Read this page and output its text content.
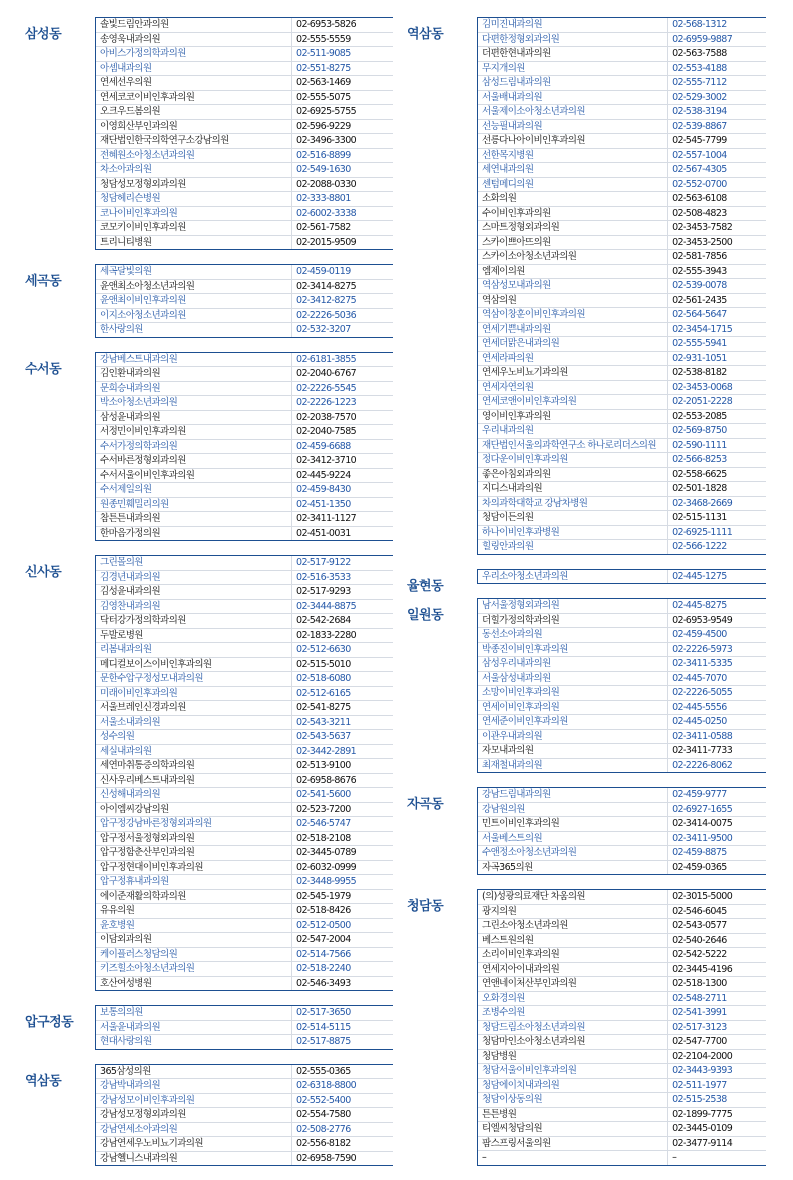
삼성동
솔빛드림안과의원	02-6953-5826
송영욱내과의원	02-555-5559
아비스가정의학과의원	02-511-9085
아셈내과의원	02-551-8275
연세선우의원	02-563-1469
연세코코이비인후과의원	02-555-5075
오크우드봄의원	02-6925-5755
이영희산부인과의원	02-596-9229
재단법인한국의학연구소강남의원	02-3496-3300
전혜원소아청소년과의원	02-516-8899
차소아과의원	02-549-1630
청담성모정형외과의원	02-2088-0330
청담헤리슨병원	02-333-8801
코나이비인후과의원	02-6002-3338
코모키이비인후과의원	02-561-7582
트리니티병원	02-2015-9509
세곡동
세곡달빛의원	02-459-0119
윤앤최소아청소년과의원	02-3414-8275
윤앤최이비인후과의원	02-3412-8275
이지소아청소년과의원	02-2226-5036
한사랑의원	02-532-3207
수서동
강남베스트내과의원	02-6181-3855
김인환내과의원	02-2040-6767
문희승내과의원	02-2226-5545
박소아청소년과의원	02-2226-1223
삼성윤내과의원	02-2038-7570
서정민이비인후과의원	02-2040-7585
수서가정의학과의원	02-459-6688
수서바른정형외과의원	02-3412-3710
수서서울이비인후과의원	02-445-9224
수서제일의원	02-459-8430
원종민훼밀리의원	02-451-1350
참튼튼내과의원	02-3411-1127
한마음가정의원	02-451-0031
신사동
그린몰의원	02-517-9122
김경년내과의원	02-516-3533
김성윤내과의원	02-517-9293
김영찬내과의원	02-3444-8875
닥터강가정의학과의원	02-542-2684
두발로병원	02-1833-2280
리봄내과의원	02-512-6630
메디컬보이스이비인후과의원	02-515-5010
문한수압구정성모내과의원	02-518-6080
미래이비인후과의원	02-512-6165
서울브레인신경과의원	02-541-8275
서울소내과의원	02-543-3211
성수의원	02-543-5637
세실내과의원	02-3442-2891
세연마취통증의학과의원	02-513-9100
신사우리베스트내과의원	02-6958-8676
신성해내과의원	02-541-5600
아이엠씨강남의원	02-523-7200
압구정강남바른정형외과의원	02-546-5747
압구정서울정형외과의원	02-518-2108
압구정함춘산부인과의원	02-3445-0789
압구정현대이비인후과의원	02-6032-0999
압구정휴내과의원	02-3448-9955
에이준재활의학과의원	02-545-1979
유유의원	02-518-8426
윤호병원	02-512-0500
이담외과의원	02-547-2004
케이플러스청담의원	02-514-7566
키즈힐소아청소년과의원	02-518-2240
호산여성병원	02-546-3493
압구정동
보통의의원	02-517-3650
서울윤내과의원	02-514-5115
현대사랑의원	02-517-8875
역삼동
365삼성의원	02-555-0365
강남박내과의원	02-6318-8800
강남성모이비인후과의원	02-552-5400
강남성모정형외과의원	02-554-7580
강남연세소아과의원	02-508-2776
강남연세우노비뇨기과의원	02-556-8182
강남헬니스내과의원	02-6958-7590
역삼동
김미진내과의원	02-568-1312
다편한정형외과의원	02-6959-9887
더편한현내과의원	02-563-7588
무지개의원	02-553-4188
삼성드림내과의원	02-555-7112
서울배내과의원	02-529-3002
서울제이소아청소년과의원	02-538-3194
선능필내과의원	02-539-8867
선릉다나아이비인후과의원	02-545-7799
선한목지병원	02-557-1004
세연내과의원	02-567-4305
센텀메디의원	02-552-0700
소화의원	02-563-6108
수이비인후과의원	02-508-4823
스마트정형외과의원	02-3453-7582
스카이쁘아뜨의원	02-3453-2500
스카이소아청소년과의원	02-581-7856
엠제이의원	02-555-3943
역삼성모내과의원	02-539-0078
역삼의원	02-561-2435
역삼이창훈이비인후과의원	02-564-5647
연세기쁜내과의원	02-3454-1715
연세더맑은내과의원	02-555-5941
연세라파의원	02-931-1051
연세우노비뇨기과의원	02-538-8182
연세자연의원	02-3453-0068
연세코앤이비인후과의원	02-2051-2228
영이비인후과의원	02-553-2085
우리내과의원	02-569-8750
재단법인서울의과학연구소 하나로리더스의원	02-590-1111
정다운이비인후과의원	02-566-8253
좋은아침외과의원	02-558-6625
지디스내과의원	02-501-1828
차의과학대학교 강남차병원	02-3468-2669
청담이든의원	02-515-1131
하나이비인후과병원	02-6925-1111
힐링안과의원	02-566-1222
율현동
우리소아청소년과의원	02-445-1275
일원동
남서울정형외과의원	02-445-8275
더힐가정의학과의원	02-6953-9549
동선소아과의원	02-459-4500
박종진이비인후과의원	02-2226-5973
삼성우리내과의원	02-3411-5335
서울삼성내과의원	02-445-7070
소망이비인후과의원	02-2226-5055
연세이비인후과의원	02-445-5556
연세준이비인후과의원	02-445-0250
이관우내과의원	02-3411-0588
자모내과의원	02-3411-7733
최재철내과의원	02-2226-8062
자곡동
강남드림내과의원	02-459-9777
강남원의원	02-6927-1655
민트이비인후과의원	02-3414-0075
서울베스트의원	02-3411-9500
수앤정소아청소년과의원	02-459-8875
자곡365의원	02-459-0365
청담동
(의)성광의료재단 차움의원	02-3015-5000
광지의원	02-546-6045
그린소아청소년과의원	02-543-0577
베스트원의원	02-540-2646
소리이비인후과의원	02-542-5222
연세지아이내과의원	02-3445-4196
연앤네이처산부인과의원	02-518-1300
오화경의원	02-548-2711
조병수의원	02-541-3991
청담드림소아청소년과의원	02-517-3123
청담마인소아청소년과의원	02-547-7700
청담병원	02-2104-2000
청담서울이비인후과의원	02-3443-9393
청담에이치내과의원	02-511-1977
청담이상동의원	02-515-2538
튼튼병원	02-1899-7775
티엘씨청담의원	02-3445-0109
팜스프링서울의원	02-3477-9114
–	–
